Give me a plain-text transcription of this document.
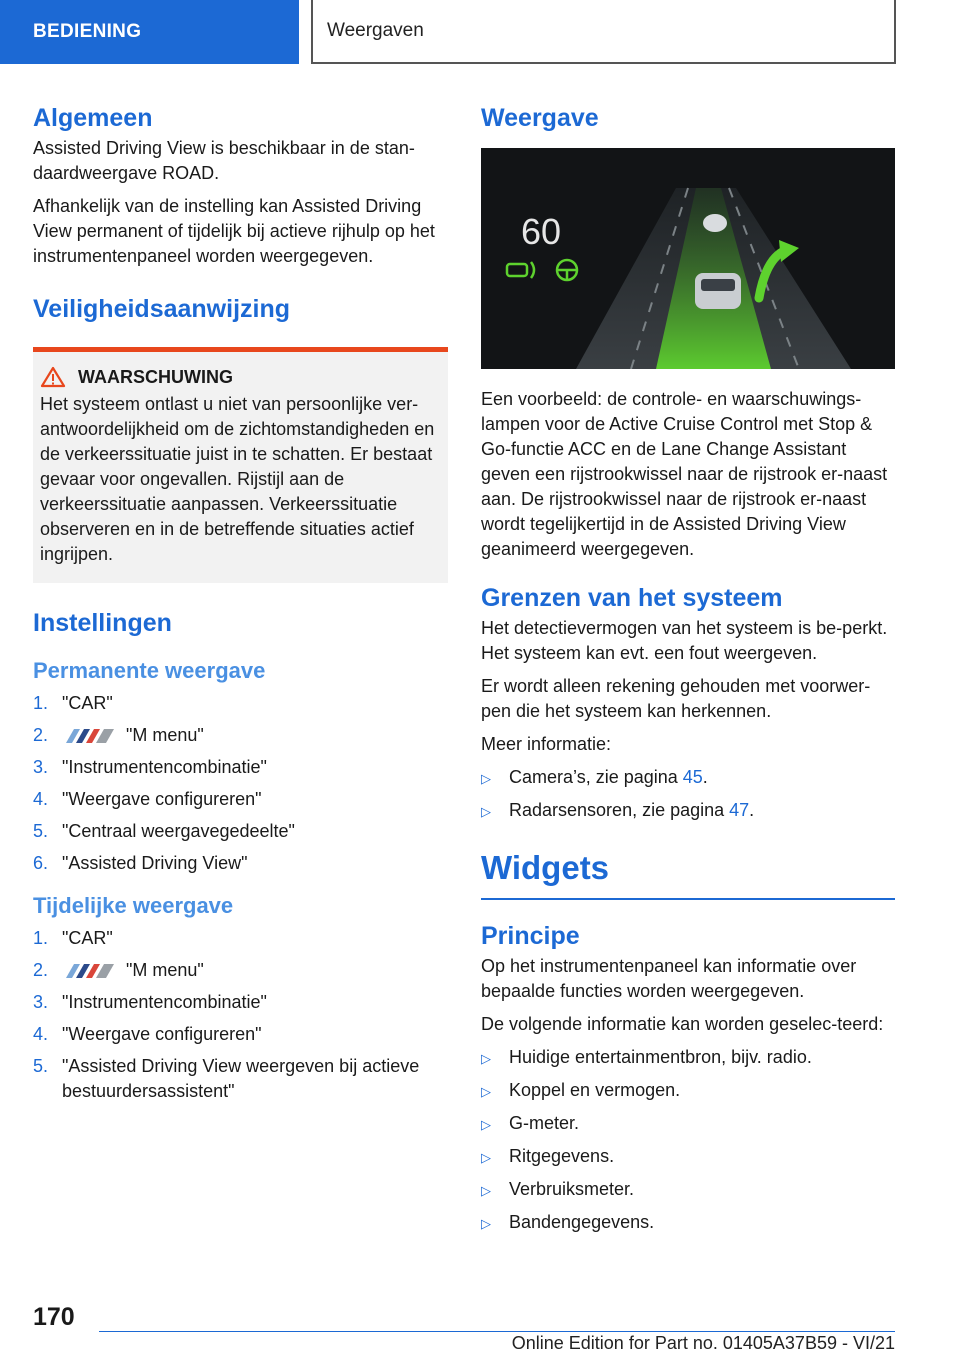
BEDIENING	Weergaven
Algemeen

Assisted Driving View is beschikbaar in de stan‐daardweergave ROAD.

Afhankelijk van de instelling kan Assisted Driving View permanent of tijdelijk bij actieve rijhulp op het instrumentenpaneel worden weergegeven.

Veiligheidsaanwijzing
WAARSCHUWING

Het systeem ontlast u niet van persoonlijke ver‐antwoordelijkheid om de zichtomstandigheden en de verkeerssituatie juist in te schatten. Er bestaat gevaar voor ongevallen. Rijstijl aan de verkeerssituatie aanpassen. Verkeerssituatie observeren en in de betreffende situaties actief ingrijpen.

Instellingen
Permanente weergave
1. "CAR"
2.	"M menu"
3. "Instrumentencombinatie"
4. "Weergave configureren"
5. "Centraal weergavegedeelte"
6. "Assisted Driving View"
Tijdelijke weergave
1. "CAR"
2.	"M menu"
3. "Instrumentencombinatie"
4. "Weergave configureren"
5. "Assisted Driving View weergeven bij actieve bestuurdersassistent"
Weergave
60

Een voorbeeld: de controle- en waarschuwings‐lampen voor de Active Cruise Control met Stop & Go-functie ACC en de Lane Change Assistant geven een rijstrookwissel naar de rijstrook er‐naast aan. De rijstrookwissel naar de rijstrook er‐naast wordt tegelijkertijd in de Assisted Driving View geanimeerd weergegeven.

Grenzen van het systeem

Het detectievermogen van het systeem is be‐perkt. Het systeem kan evt. een fout weergeven.

Er wordt alleen rekening gehouden met voorwer‐pen die het systeem kan herkennen.

Meer informatie:

▷	Camera’s, zie pagina 45.
▷	Radarsensoren, zie pagina 47.
Widgets
Principe

Op het instrumentenpaneel kan informatie over bepaalde functies worden weergegeven.

De volgende informatie kan worden geselec‐teerd:

▷	Huidige entertainmentbron, bijv. radio.
▷	Koppel en vermogen.
▷	G-meter.
▷	Ritgegevens.
▷	Verbruiksmeter.
▷	Bandengegevens.
170
Online Edition for Part no. 01405A37B59 - VI/21
